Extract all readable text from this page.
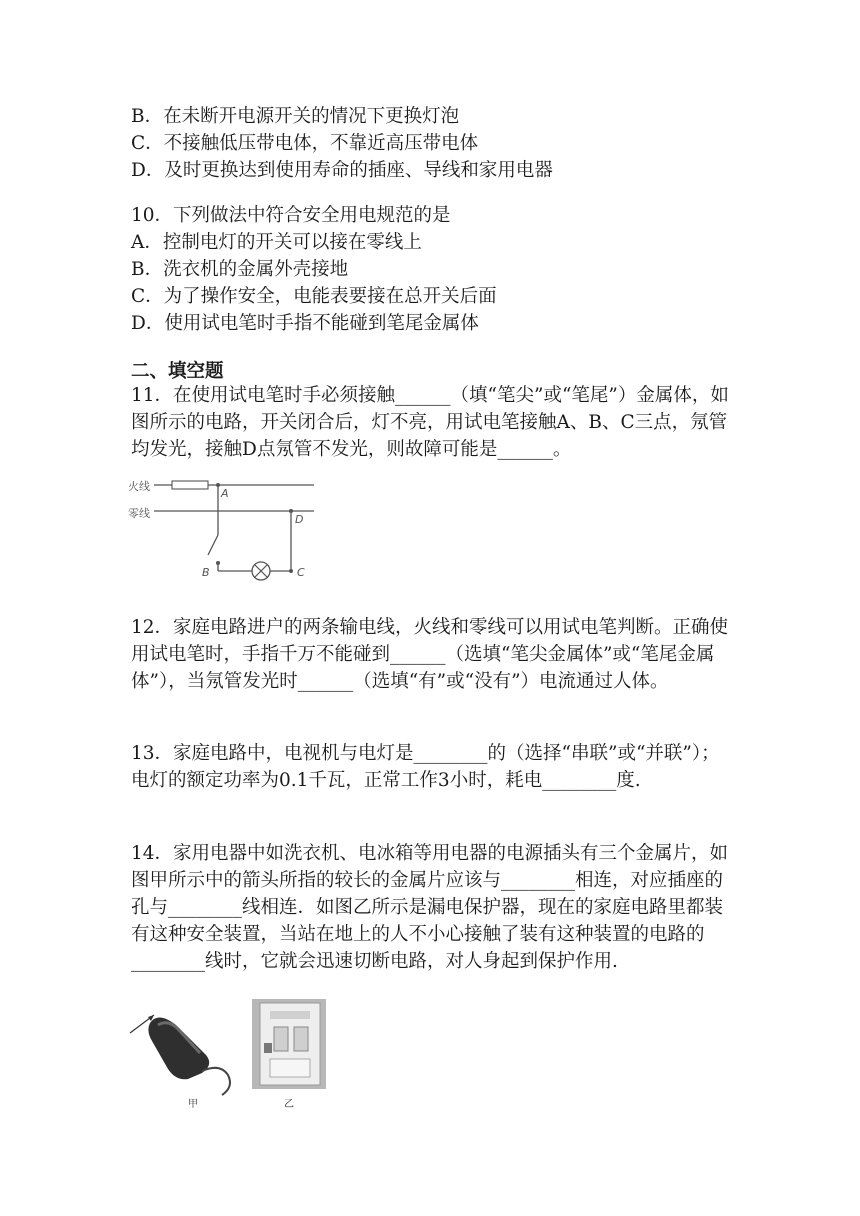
B．在未断开电源开关的情况下更换灯泡
C．不接触低压带电体，不靠近高压带电体
D．及时更换达到使用寿命的插座、导线和家用电器
10．下列做法中符合安全用电规范的是
A．控制电灯的开关可以接在零线上
B．洗衣机的金属外壳接地
C．为了操作安全，电能表要接在总开关后面
D．使用试电笔时手指不能碰到笔尾金属体
二、填空题
11．在使用试电笔时手必须接触______（填“笔尖”或“笔尾”）金属体，如图所示的电路，开关闭合后，灯不亮，用试电笔接触A、B、C三点，氖管均发光，接触D点氖管不发光，则故障可能是______。
火线
零线
A
B	C
D
12．家庭电路进户的两条输电线，火线和零线可以用试电笔判断。正确使用试电笔时，手指千万不能碰到______（选填“笔尖金属体”或“笔尾金属体”），当氖管发光时______（选填“有”或“没有”）电流通过人体。
13．家庭电路中，电视机与电灯是________的（选择“串联”或“并联”）；电灯的额定功率为0.1千瓦，正常工作3小时，耗电________度.
14．家用电器中如洗衣机、电冰箱等用电器的电源插头有三个金属片，如图甲所示中的箭头所指的较长的金属片应该与________相连，对应插座的孔与________线相连．如图乙所示是漏电保护器，现在的家庭电路里都装有这种安全装置，当站在地上的人不小心接触了装有这种装置的电路的________线时，它就会迅速切断电路，对人身起到保护作用.
甲	乙
